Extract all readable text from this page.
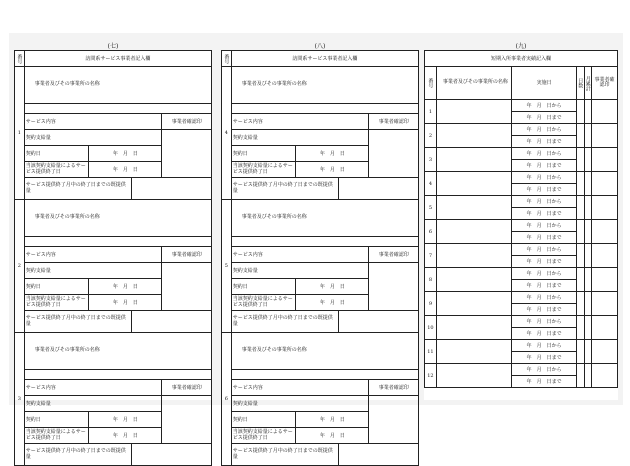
(七)
番号	訪問系サービス事業者記入欄			
1	事業者及びその事業所の名称			

	サービス内容			事業者確認印
	契約支給量			
	契約日	年　月　日		
	当該契約支給量によるサービス提供終了日	年　月　日		
	サービス提供終了月中の終了日までの既提供量			
2	事業者及びその事業所の名称			

	サービス内容			事業者確認印
	契約支給量			
	契約日	年　月　日		
	当該契約支給量によるサービス提供終了日	年　月　日		
	サービス提供終了月中の終了日までの既提供量			
3	事業者及びその事業所の名称			

	サービス内容			事業者確認印
	契約支給量			
	契約日	年　月　日		
	当該契約支給量によるサービス提供終了日	年　月　日		
	サービス提供終了月中の終了日までの既提供量			
(八)
番号	訪問系サービス事業者記入欄			
4	事業者及びその事業所の名称			

	サービス内容			事業者確認印
	契約支給量			
	契約日	年　月　日		
	当該契約支給量によるサービス提供終了日	年　月　日		
	サービス提供終了月中の終了日までの既提供量			
5	事業者及びその事業所の名称			

	サービス内容			事業者確認印
	契約支給量			
	契約日	年　月　日		
	当該契約支給量によるサービス提供終了日	年　月　日		
	サービス提供終了月中の終了日までの既提供量			
6	事業者及びその事業所の名称			

	サービス内容			事業者確認印
	契約支給量			
	契約日	年　月　日		
	当該契約支給量によるサービス提供終了日	年　月　日		
	サービス提供終了月中の終了日までの既提供量			
(九)
短期入所事業者実績記入欄					
番号	事業者及びその事業所の名称	実施日	日数	月累計	事業者確認印
1		年　月　日から			
		年　月　日まで			
2		年　月　日から			
		年　月　日まで			
3		年　月　日から			
		年　月　日まで			
4		年　月　日から			
		年　月　日まで			
5		年　月　日から			
		年　月　日まで			
6		年　月　日から			
		年　月　日まで			
7		年　月　日から			
		年　月　日まで			
8		年　月　日から			
		年　月　日まで			
9		年　月　日から			
		年　月　日まで			
10		年　月　日から			
		年　月　日まで			
11		年　月　日から			
		年　月　日まで			
12		年　月　日から			
		年　月　日まで			
